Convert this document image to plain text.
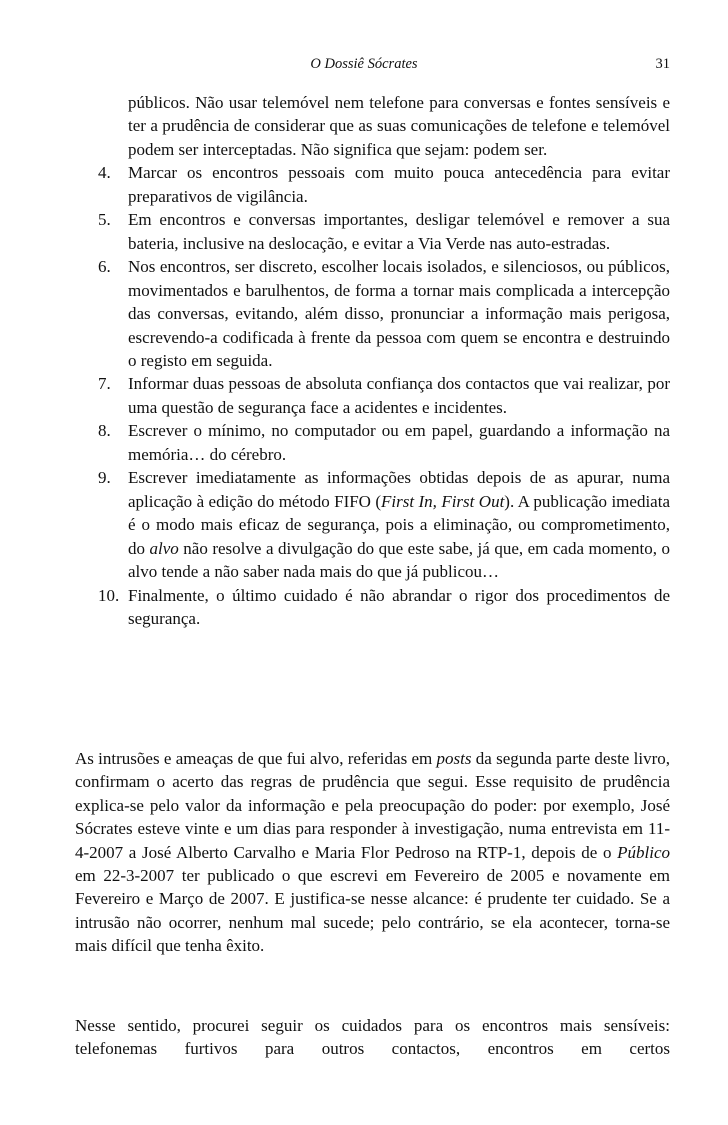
O Dossiê Sócrates	31
públicos. Não usar telemóvel nem telefone para conversas e fontes sensíveis e ter a prudência de considerar que as suas comunicações de telefone e telemóvel podem ser interceptadas. Não significa que sejam: podem ser.
4. Marcar os encontros pessoais com muito pouca antecedência para evitar preparativos de vigilância.
5. Em encontros e conversas importantes, desligar telemóvel e remover a sua bateria, inclusive na deslocação, e evitar a Via Verde nas auto-estradas.
6. Nos encontros, ser discreto, escolher locais isolados, e silenciosos, ou públicos, movimentados e barulhentos, de forma a tornar mais complicada a intercepção das conversas, evitando, além disso, pronunciar a informação mais perigosa, escrevendo-a codificada à frente da pessoa com quem se encontra e destruindo o registo em seguida.
7. Informar duas pessoas de absoluta confiança dos contactos que vai realizar, por uma questão de segurança face a acidentes e incidentes.
8. Escrever o mínimo, no computador ou em papel, guardando a informação na memória… do cérebro.
9. Escrever imediatamente as informações obtidas depois de as apurar, numa aplicação à edição do método FIFO (First In, First Out). A publicação imediata é o modo mais eficaz de segurança, pois a eliminação, ou comprometimento, do alvo não resolve a divulgação do que este sabe, já que, em cada momento, o alvo tende a não saber nada mais do que já publicou…
10. Finalmente, o último cuidado é não abrandar o rigor dos procedimentos de segurança.
As intrusões e ameaças de que fui alvo, referidas em posts da segunda parte deste livro, confirmam o acerto das regras de prudência que segui. Esse requisito de prudência explica-se pelo valor da informação e pela preocupação do poder: por exemplo, José Sócrates esteve vinte e um dias para responder à investigação, numa entrevista em 11-4-2007 a José Alberto Carvalho e Maria Flor Pedroso na RTP-1, depois de o Público em 22-3-2007 ter publicado o que escrevi em Fevereiro de 2005 e novamente em Fevereiro e Março de 2007. E justifica-se nesse alcance: é prudente ter cuidado. Se a intrusão não ocorrer, nenhum mal sucede; pelo contrário, se ela acontecer, torna-se mais difícil que tenha êxito.
Nesse sentido, procurei seguir os cuidados para os encontros mais sensíveis: telefonemas furtivos para outros contactos, encontros em certos
